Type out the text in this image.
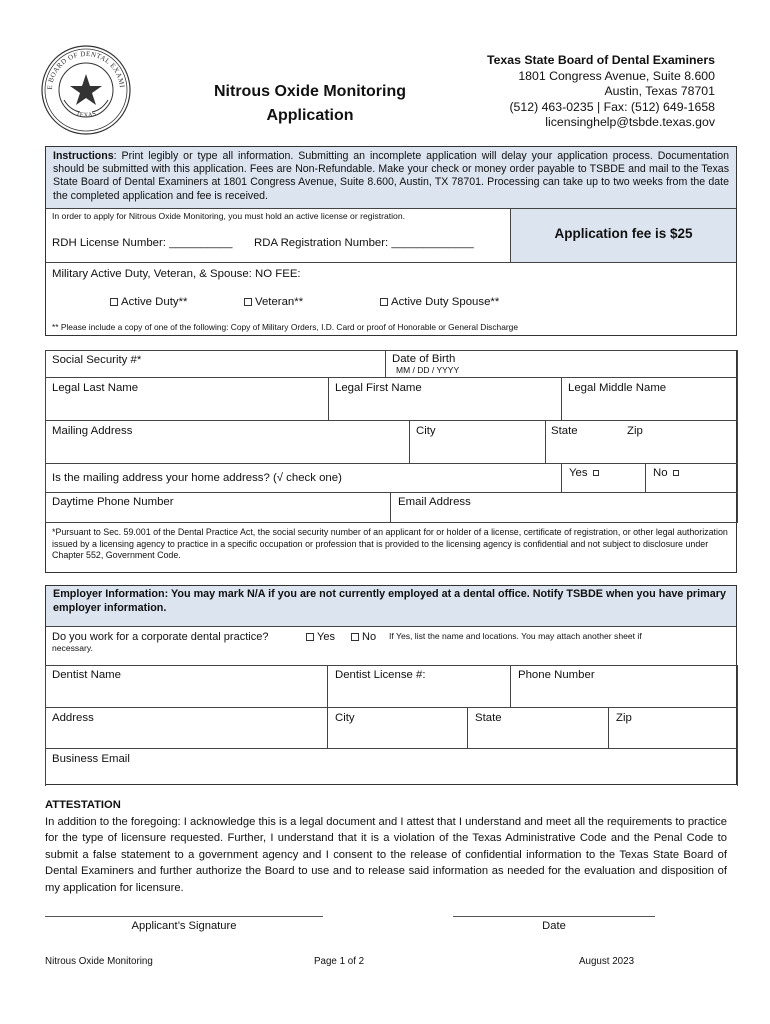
E BOARD OF DENTAL EXAMI
TEXAS
Nitrous Oxide Monitoring
Application
Texas State Board of Dental Examiners
1801 Congress Avenue, Suite 8.600
Austin, Texas 78701
(512) 463-0235 | Fax: (512) 649-1658
licensinghelp@tsbde.texas.gov
Instructions: Print legibly or type all information. Submitting an incomplete application will delay your application process. Documentation should be submitted with this application. Fees are Non-Refundable. Make your check or money order payable to TSBDE and mail to the Texas State Board of Dental Examiners at 1801 Congress Avenue, Suite 8.600, Austin, TX 78701. Processing can take up to two weeks from the date the completed application and fee is received.
In order to apply for Nitrous Oxide Monitoring, you must hold an active license or registration.
RDH License Number: __________ RDA Registration Number: _____________
Application fee is $25
Military Active Duty, Veteran, & Spouse: NO FEE:
Active Duty**	Veteran**	Active Duty Spouse**
** Please include a copy of one of the following: Copy of Military Orders, I.D. Card or proof of Honorable or General Discharge
Social Security #*	Date of Birth
MM / DD / YYYY
Legal Last Name	Legal First Name	Legal Middle Name
Mailing Address	City	State	Zip
Is the mailing address your home address? (√ check one)	Yes	No
Daytime Phone Number	Email Address
*Pursuant to Sec. 59.001 of the Dental Practice Act, the social security number of an applicant for or holder of a license, certificate of registration, or other legal authorization issued by a licensing agency to practice in a specific occupation or profession that is provided to the licensing agency is confidential and not subject to disclosure under Chapter 552, Government Code.
Employer Information: You may mark N/A if you are not currently employed at a dental office. Notify TSBDE when you have primary employer information.
Do you work for a corporate dental practice?	Yes	No If Yes, list the name and locations. You may attach another sheet if
necessary.
Dentist Name	Dentist License #:	Phone Number
Address	City	State	Zip
Business Email
ATTESTATION
In addition to the foregoing: I acknowledge this is a legal document and I attest that I understand and meet all the requirements to practice for the type of licensure requested. Further, I understand that it is a violation of the Texas Administrative Code and the Penal Code to submit a false statement to a government agency and I consent to the release of confidential information to the Texas State Board of Dental Examiners and further authorize the Board to use and to release said information as needed for the evaluation and disposition of my application for licensure.
Applicant’s Signature	Date
Nitrous Oxide Monitoring	Page 1 of 2	August 2023
